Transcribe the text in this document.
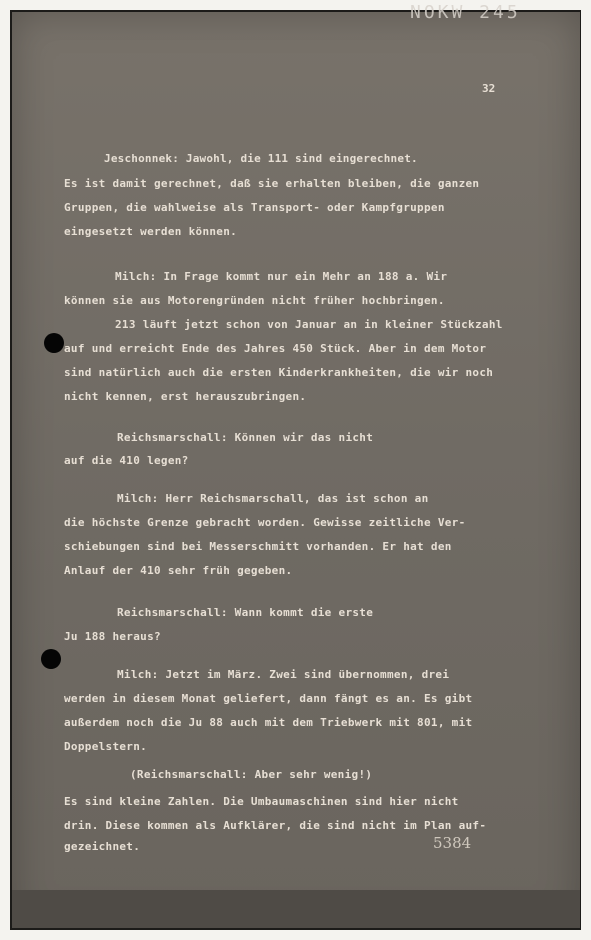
NOKW 245
32
Jeschonnek: Jawohl, die 111 sind eingerechnet.
Es ist damit gerechnet, daß sie erhalten bleiben, die ganzen
Gruppen, die wahlweise als Transport- oder Kampfgruppen
eingesetzt werden können.
Milch: In Frage kommt nur ein Mehr an 188 a. Wir
können sie aus Motorengründen nicht früher hochbringen.
213 läuft jetzt schon von Januar an in kleiner Stückzahl
auf und erreicht Ende des Jahres 450 Stück. Aber in dem Motor
sind natürlich auch die ersten Kinderkrankheiten, die wir noch
nicht kennen, erst herauszubringen.
Reichsmarschall: Können wir das nicht
auf die 410 legen?
Milch: Herr Reichsmarschall, das ist schon an
die höchste Grenze gebracht worden. Gewisse zeitliche Ver-
schiebungen sind bei Messerschmitt vorhanden. Er hat den
Anlauf der 410 sehr früh gegeben.
Reichsmarschall: Wann kommt die erste
Ju 188 heraus?
Milch: Jetzt im März. Zwei sind übernommen, drei
werden in diesem Monat geliefert, dann fängt es an. Es gibt
außerdem noch die Ju 88 auch mit dem Triebwerk mit 801, mit
Doppelstern.
(Reichsmarschall: Aber sehr wenig!)
Es sind kleine Zahlen. Die Umbaumaschinen sind hier nicht
drin. Diese kommen als Aufklärer, die sind nicht im Plan auf-
gezeichnet.	5384
